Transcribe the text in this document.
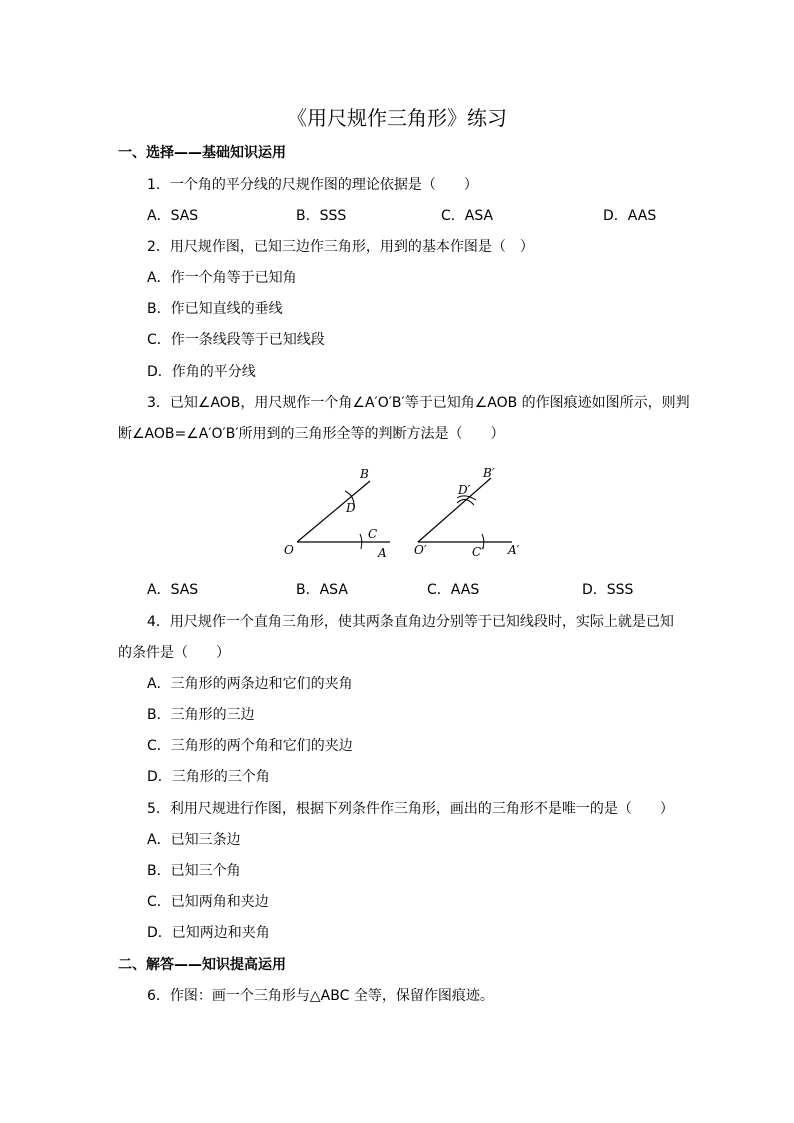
《用尺规作三角形》练习
一、选择——基础知识运用
1．一个角的平分线的尺规作图的理论依据是（　　）
A．SAS	B．SSS	C．ASA	D．AAS
2．用尺规作图，已知三边作三角形，用到的基本作图是（　）
A．作一个角等于已知角
B．作已知直线的垂线
C．作一条线段等于已知线段
D．作角的平分线
3．已知∠AOB，用尺规作一个角∠A′O′B′等于已知角∠AOB 的作图痕迹如图所示，则判
断∠AOB=∠A′O′B′所用到的三角形全等的判断方法是（　　）
B
D
C
O	A
B′
D′
O′	C′ A′
A．SAS	B．ASA	C．AAS	D．SSS
4．用尺规作一个直角三角形，使其两条直角边分别等于已知线段时，实际上就是已知
的条件是（　　）
A．三角形的两条边和它们的夹角
B．三角形的三边
C．三角形的两个角和它们的夹边
D．三角形的三个角
5．利用尺规进行作图，根据下列条件作三角形，画出的三角形不是唯一的是（　　）
A．已知三条边
B．已知三个角
C．已知两角和夹边
D．已知两边和夹角
二、解答——知识提高运用
6．作图：画一个三角形与△ABC 全等，保留作图痕迹。
